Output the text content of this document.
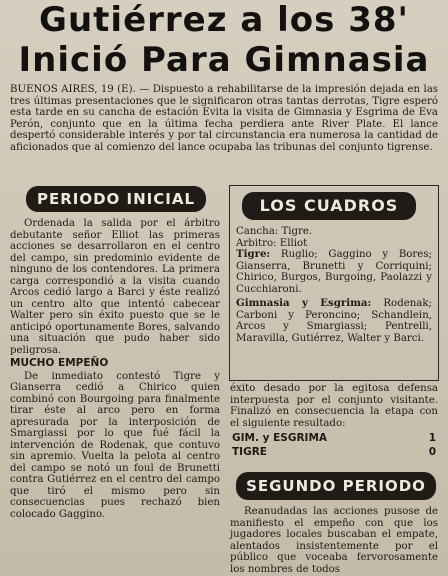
Gutiérrez a los 38'
Inició Para Gimnasia

BUENOS AIRES, 19 (E). — Dispuesto a rehabilitarse de la impresión dejada en las tres últimas presentaciones que le significaron otras tantas derrotas, Tigre esperó esta tarde en su cancha de estación Evita la visita de Gimnasia y Esgrima de Eva Perón, conjunto que en la última fecha perdiera ante River Plate. El lance despertó considerable interés y por tal circunstancia era numerosa la cantidad de aficionados que al comienzo del lance ocupaba las tribunas del conjunto tigrense.

PERIODO INICIAL

Ordenada la salida por el árbitro debutante señor Elliot las primeras acciones se desarrollaron en el centro del campo, sin predominio evidente de ninguno de los contendores. La primera carga correspondió a la visita cuando Arcos cedió largo a Barci y éste realizó un centro alto que intentó cabecear Walter pero sin éxito puesto que se le anticipó oportunamente Bores, salvando una situación que pudo haber sido peligrosa.

MUCHO EMPEÑO

De inmediato contestó Tigre y Gianserra cedió a Chirico quien combinó con Bourgoing para finalmente tirar éste al arco pero en forma apresurada por la interposición de Smargiassi por lo que fué fácil la intervención de Rodenak, que contuvo sin apremio. Vuelta la pelota al centro del campo se notó un foul de Brunetti contra Gutiérrez en el centro del campo que tiró el mismo pero sin consecuencias pues rechazó bien colocado Gaggino.

LOS CUADROS

Cancha: Tigre.

Arbitro: Elliot

Tigre: Ruglio; Gaggino y Bores; Gianserra, Brunetti y Corriquini; Chirico, Burgos, Burgoing, Paolazzi y Cucchiaroni.

Gimnasia y Esgrima: Rodenak; Carboni y Peroncino; Schandlein, Arcos y Smargiassi; Pentrelli, Maravilla, Gutiérrez, Walter y Barci.

éxito desado por la egitosa defensa interpuesta por el conjunto visitante. Finalizó en consecuencia la etapa con el siguiente resultado:

GIM. y ESGRIMA	1
TIGRE	0
SEGUNDO PERIODO

Reanudadas las acciones pusose de manifiesto el empeño con que los jugadores locales buscaban el empate, alentados insistentemente por el público que voceaba fervorosamente los nombres de todos
